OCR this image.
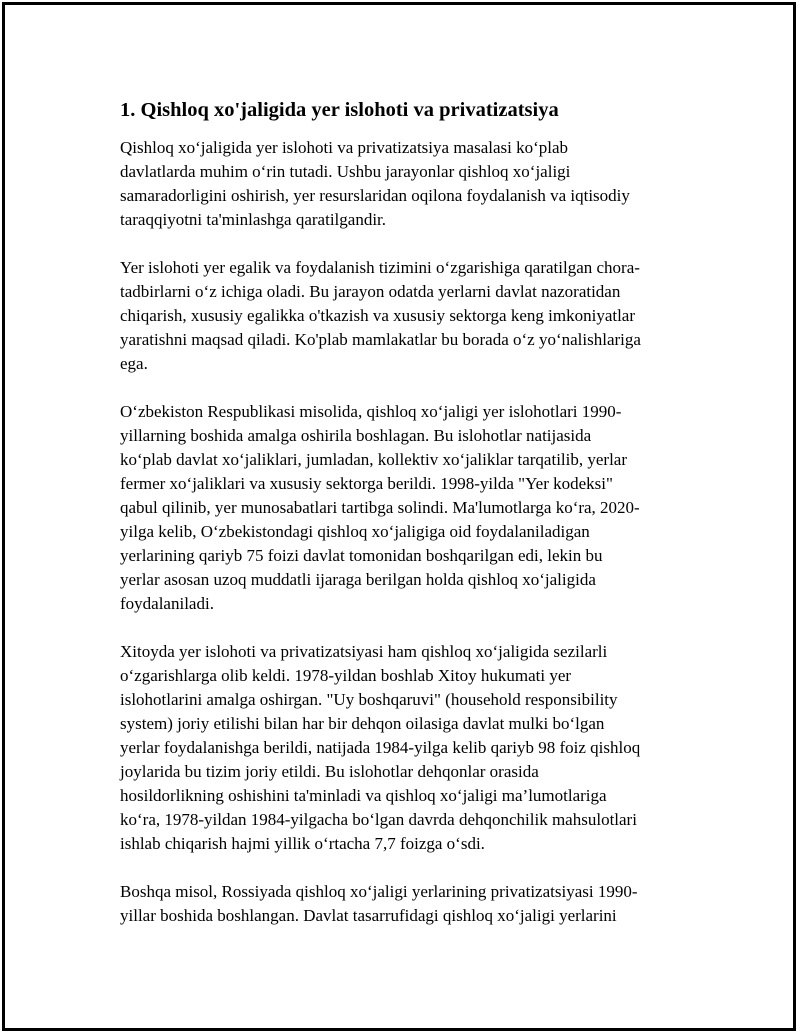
1. Qishloq xo'jaligida yer islohoti va privatizatsiya

Qishloq xo‘jaligida yer islohoti va privatizatsiya masalasi ko‘plab
davlatlarda muhim o‘rin tutadi. Ushbu jarayonlar qishloq xo‘jaligi
samaradorligini oshirish, yer resurslaridan oqilona foydalanish va iqtisodiy
taraqqiyotni ta'minlashga qaratilgandir.

Yer islohoti yer egalik va foydalanish tizimini o‘zgarishiga qaratilgan chora-
tadbirlarni o‘z ichiga oladi. Bu jarayon odatda yerlarni davlat nazoratidan
chiqarish, xususiy egalikka o'tkazish va xususiy sektorga keng imkoniyatlar
yaratishni maqsad qiladi. Ko'plab mamlakatlar bu borada o‘z yo‘nalishlariga
ega.

O‘zbekiston Respublikasi misolida, qishloq xo‘jaligi yer islohotlari 1990-
yillarning boshida amalga oshirila boshlagan. Bu islohotlar natijasida
ko‘plab davlat xo‘jaliklari, jumladan, kollektiv xo‘jaliklar tarqatilib, yerlar
fermer xo‘jaliklari va xususiy sektorga berildi. 1998-yilda "Yer kodeksi"
qabul qilinib, yer munosabatlari tartibga solindi. Ma'lumotlarga ko‘ra, 2020-
yilga kelib, O‘zbekistondagi qishloq xo‘jaligiga oid foydalaniladigan
yerlarining qariyb 75 foizi davlat tomonidan boshqarilgan edi, lekin bu
yerlar asosan uzoq muddatli ijaraga berilgan holda qishloq xo‘jaligida
foydalaniladi.

Xitoyda yer islohoti va privatizatsiyasi ham qishloq xo‘jaligida sezilarli
o‘zgarishlarga olib keldi. 1978-yildan boshlab Xitoy hukumati yer
islohotlarini amalga oshirgan. "Uy boshqaruvi" (household responsibility
system) joriy etilishi bilan har bir dehqon oilasiga davlat mulki bo‘lgan
yerlar foydalanishga berildi, natijada 1984-yilga kelib qariyb 98 foiz qishloq
joylarida bu tizim joriy etildi. Bu islohotlar dehqonlar orasida
hosildorlikning oshishini ta'minladi va qishloq xo‘jaligi ma’lumotlariga
ko‘ra, 1978-yildan 1984-yilgacha bo‘lgan davrda dehqonchilik mahsulotlari
ishlab chiqarish hajmi yillik o‘rtacha 7,7 foizga o‘sdi.

Boshqa misol, Rossiyada qishloq xo‘jaligi yerlarining privatizatsiyasi 1990-
yillar boshida boshlangan. Davlat tasarrufidagi qishloq xo‘jaligi yerlarini
